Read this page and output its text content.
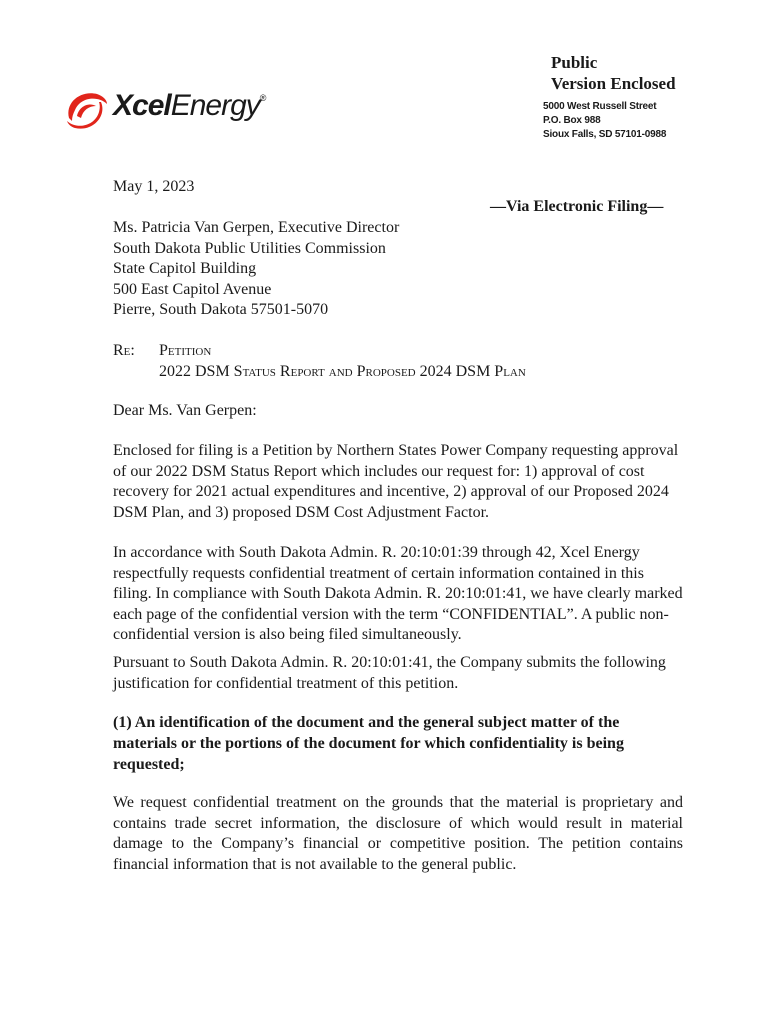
XcelEnergy®
Public
Version Enclosed
5000 West Russell Street
P.O. Box 988
Sioux Falls, SD 57101-0988
May 1, 2023
—Via Electronic Filing—
Ms. Patricia Van Gerpen, Executive Director
South Dakota Public Utilities Commission
State Capitol Building
500 East Capitol Avenue
Pierre, South Dakota 57501-5070
Re: Petition
2022 DSM Status Report and Proposed 2024 DSM Plan
Dear Ms. Van Gerpen:
Enclosed for filing is a Petition by Northern States Power Company requesting approval of our 2022 DSM Status Report which includes our request for: 1) approval of cost recovery for 2021 actual expenditures and incentive, 2) approval of our Proposed 2024 DSM Plan, and 3) proposed DSM Cost Adjustment Factor.
In accordance with South Dakota Admin. R. 20:10:01:39 through 42, Xcel Energy respectfully requests confidential treatment of certain information contained in this filing. In compliance with South Dakota Admin. R. 20:10:01:41, we have clearly marked each page of the confidential version with the term “CONFIDENTIAL”. A public non-confidential version is also being filed simultaneously.
Pursuant to South Dakota Admin. R. 20:10:01:41, the Company submits the following justification for confidential treatment of this petition.
(1) An identification of the document and the general subject matter of the materials or the portions of the document for which confidentiality is being requested;
We request confidential treatment on the grounds that the material is proprietary and contains trade secret information, the disclosure of which would result in material damage to the Company’s financial or competitive position. The petition contains financial information that is not available to the general public.
